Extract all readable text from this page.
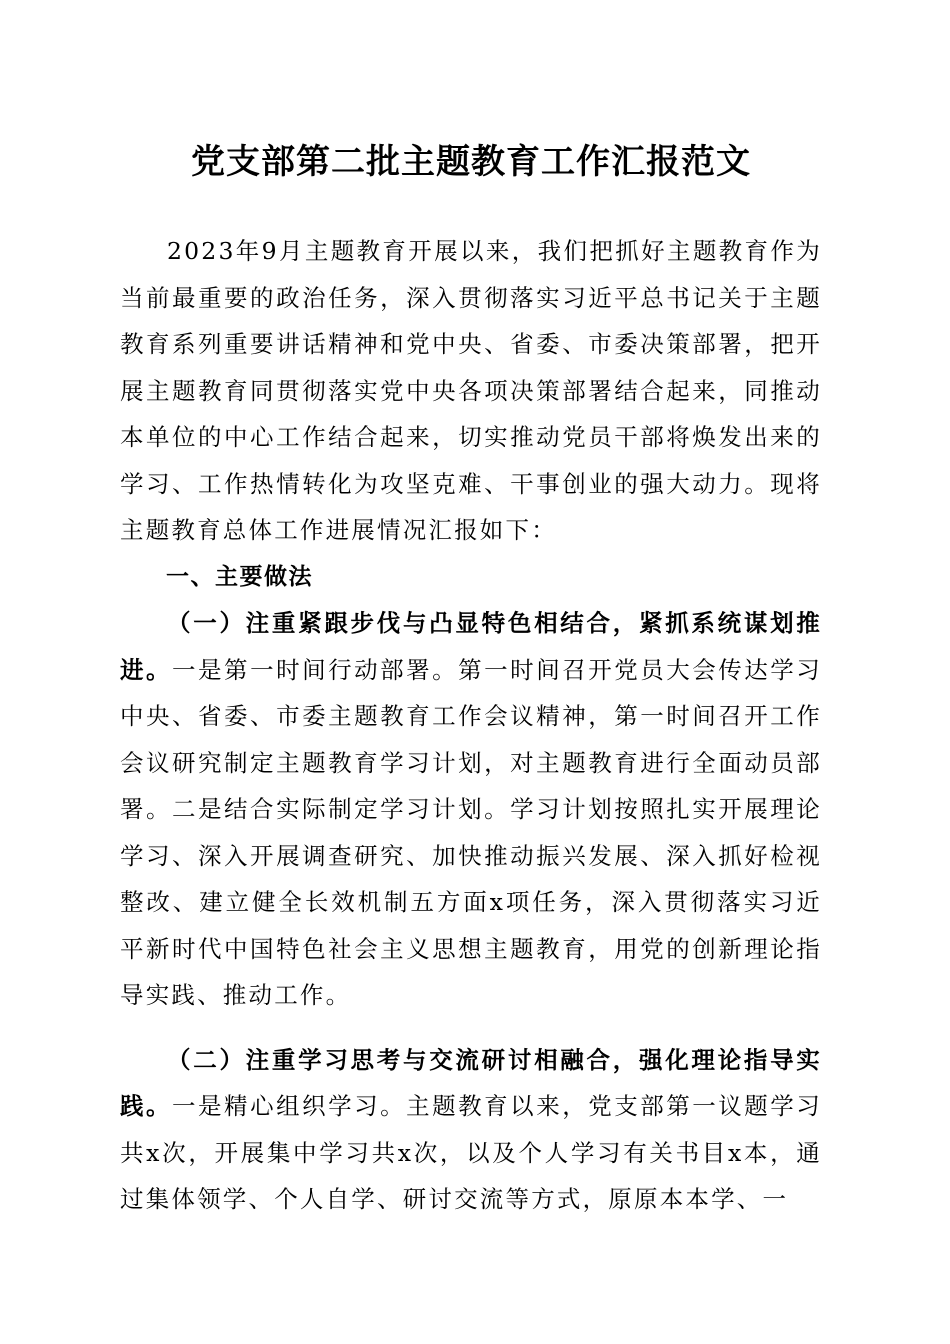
党支部第二批主题教育工作汇报范文

2023年9月主题教育开展以来，我们把抓好主题教育作为当前最重要的政治任务，深入贯彻落实习近平总书记关于主题教育系列重要讲话精神和党中央、省委、市委决策部署，把开展主题教育同贯彻落实党中央各项决策部署结合起来，同推动本单位的中心工作结合起来，切实推动党员干部将焕发出来的学习、工作热情转化为攻坚克难、干事创业的强大动力。现将主题教育总体工作进展情况汇报如下：

一、主要做法

（一）注重紧跟步伐与凸显特色相结合，紧抓系统谋划推进。一是第一时间行动部署。第一时间召开党员大会传达学习中央、省委、市委主题教育工作会议精神，第一时间召开工作会议研究制定主题教育学习计划，对主题教育进行全面动员部署。二是结合实际制定学习计划。学习计划按照扎实开展理论学习、深入开展调查研究、加快推动振兴发展、深入抓好检视整改、建立健全长效机制五方面x项任务，深入贯彻落实习近平新时代中国特色社会主义思想主题教育，用党的创新理论指导实践、推动工作。

（二）注重学习思考与交流研讨相融合，强化理论指导实践。一是精心组织学习。主题教育以来，党支部第一议题学习共x次，开展集中学习共x次，以及个人学习有关书目x本，通过集体领学、个人自学、研讨交流等方式，原原本本学、一
